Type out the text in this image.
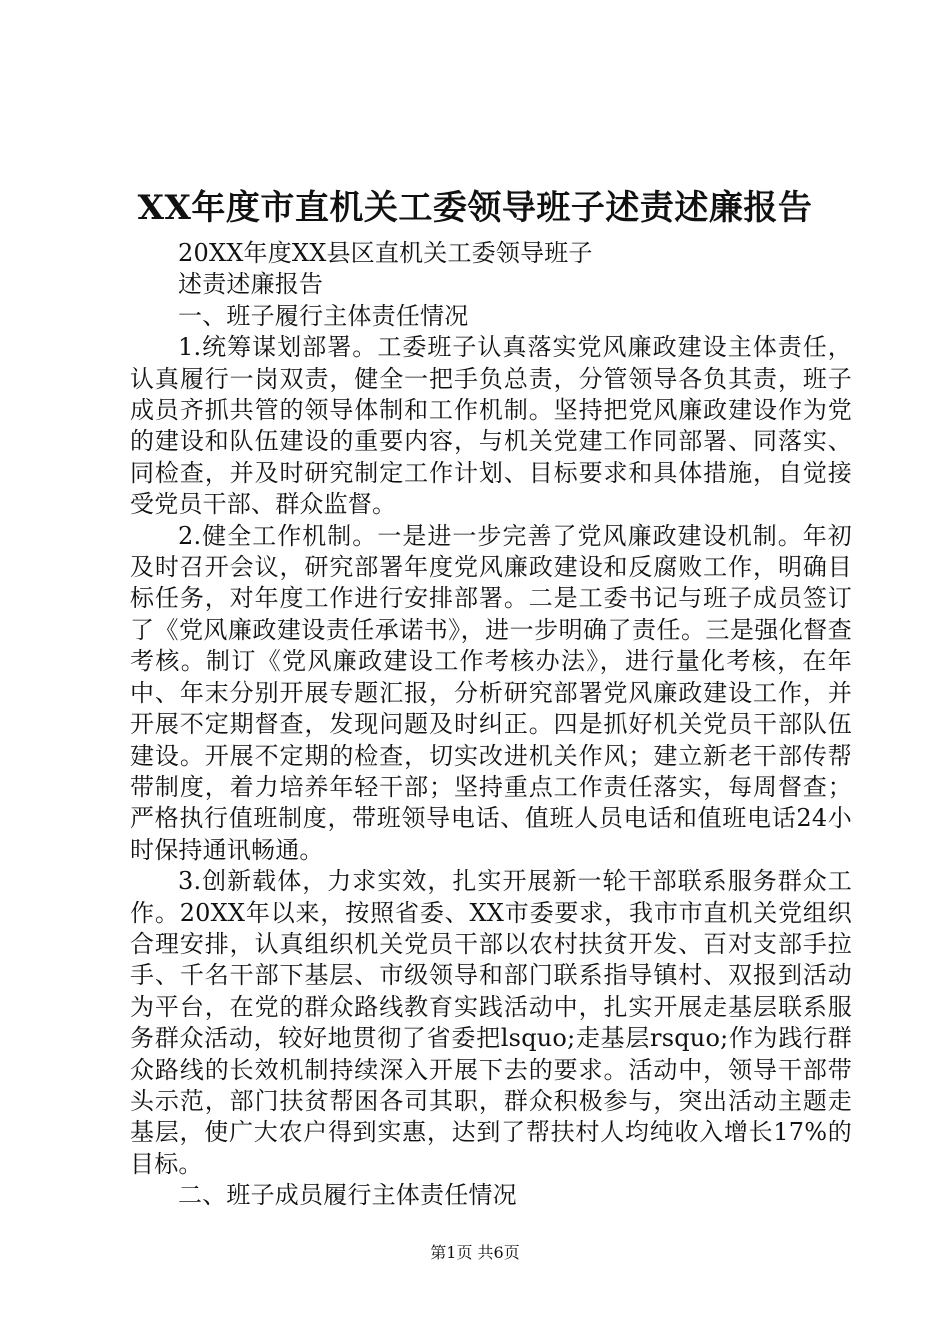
XX年度市直机关工委领导班子述责述廉报告

20XX年度XX县区直机关工委领导班子

述责述廉报告

一、班子履行主体责任情况

1.统筹谋划部署。工委班子认真落实党风廉政建设主体责任，认真履行一岗双责，健全一把手负总责，分管领导各负其责，班子成员齐抓共管的领导体制和工作机制。坚持把党风廉政建设作为党的建设和队伍建设的重要内容，与机关党建工作同部署、同落实、同检查，并及时研究制定工作计划、目标要求和具体措施，自觉接受党员干部、群众监督。

2.健全工作机制。一是进一步完善了党风廉政建设机制。年初及时召开会议，研究部署年度党风廉政建设和反腐败工作，明确目标任务，对年度工作进行安排部署。二是工委书记与班子成员签订了《党风廉政建设责任承诺书》，进一步明确了责任。三是强化督查考核。制订《党风廉政建设工作考核办法》，进行量化考核，在年中、年末分别开展专题汇报，分析研究部署党风廉政建设工作，并开展不定期督查，发现问题及时纠正。四是抓好机关党员干部队伍建设。开展不定期的检查，切实改进机关作风；建立新老干部传帮带制度，着力培养年轻干部；坚持重点工作责任落实，每周督查；严格执行值班制度，带班领导电话、值班人员电话和值班电话24小时保持通讯畅通。

3.创新载体，力求实效，扎实开展新一轮干部联系服务群众工作。20XX年以来，按照省委、XX市委要求，我市市直机关党组织合理安排，认真组织机关党员干部以农村扶贫开发、百对支部手拉手、千名干部下基层、市级领导和部门联系指导镇村、双报到活动为平台，在党的群众路线教育实践活动中，扎实开展走基层联系服务群众活动，较好地贯彻了省委把lsquo;走基层rsquo;作为践行群众路线的长效机制持续深入开展下去的要求。活动中，领导干部带头示范，部门扶贫帮困各司其职，群众积极参与，突出活动主题走基层，使广大农户得到实惠，达到了帮扶村人均纯收入增长17%的目标。

二、班子成员履行主体责任情况

第1页 共6页
